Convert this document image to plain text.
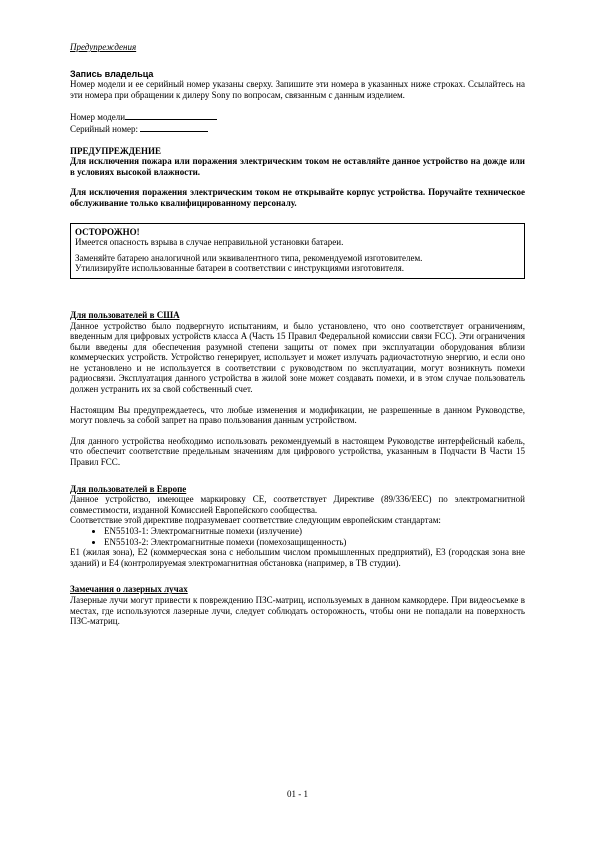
Предупреждения

Запись владельца

Номер модели и ее серийный номер указаны сверху. Запишите эти номера в указанных ниже строках. Ссылайтесь на эти номера при обращении к дилеру Sony по вопросам, связанным с данным изделием.

Номер модели

Серийный номер:

ПРЕДУПРЕЖДЕНИЕ

Для исключения пожара или поражения электрическим током не оставляйте данное устройство на дожде или в условиях высокой влажности.

Для исключения поражения электрическим током не открывайте корпус устройства. Поручайте техническое обслуживание только квалифицированному персоналу.

ОСТОРОЖНО!

Имеется опасность взрыва в случае неправильной установки батареи.

Заменяйте батарею аналогичной или эквивалентного типа, рекомендуемой изготовителем.

Утилизируйте использованные батареи в соответствии с инструкциями изготовителя.

Для пользователей в США

Данное устройство было подвергнуто испытаниям, и было установлено, что оно соответствует ограничениям, введенным для цифровых устройств класса A (Часть 15 Правил Федеральной комиссии связи FCC). Эти ограничения были введены для обеспечения разумной степени защиты от помех при эксплуатации оборудования вблизи коммерческих устройств. Устройство генерирует, использует и может излучать радиочастотную энергию, и если оно не установлено и не используется в соответствии с руководством по эксплуатации, могут возникнуть помехи радиосвязи. Эксплуатация данного устройства в жилой зоне может создавать помехи, и в этом случае пользователь должен устранить их за свой собственный счет.

Настоящим Вы предупреждаетесь, что любые изменения и модификации, не разрешенные в данном Руководстве, могут повлечь за собой запрет на право пользования данным устройством.

Для данного устройства необходимо использовать рекомендуемый в настоящем Руководстве интерфейсный кабель, что обеспечит соответствие предельным значениям для цифрового устройства, указанным в Подчасти В Части 15 Правил FCC.

Для пользователей в Европе

Данное устройство, имеющее маркировку CE, соответствует Директиве (89/336/EEC) по электромагнитной совместимости, изданной Комиссией Европейского сообщества.

Соответствие этой директиве подразумевает соответствие следующим европейским стандартам:

• EN55103-1: Электромагнитные помехи (излучение)
• EN55103-2: Электромагнитные помехи (помехозащищенность)

E1 (жилая зона), E2 (коммерческая зона с небольшим числом промышленных предприятий), E3 (городская зона вне зданий) и E4 (контролируемая электромагнитная обстановка (например, в ТВ студии).

Замечания о лазерных лучах

Лазерные лучи могут привести к повреждению ПЗС-матриц, используемых в данном камкордере. При видеосъемке в местах, где используются лазерные лучи, следует соблюдать осторожность, чтобы они не попадали на поверхность ПЗС-матриц.

01 - 1
